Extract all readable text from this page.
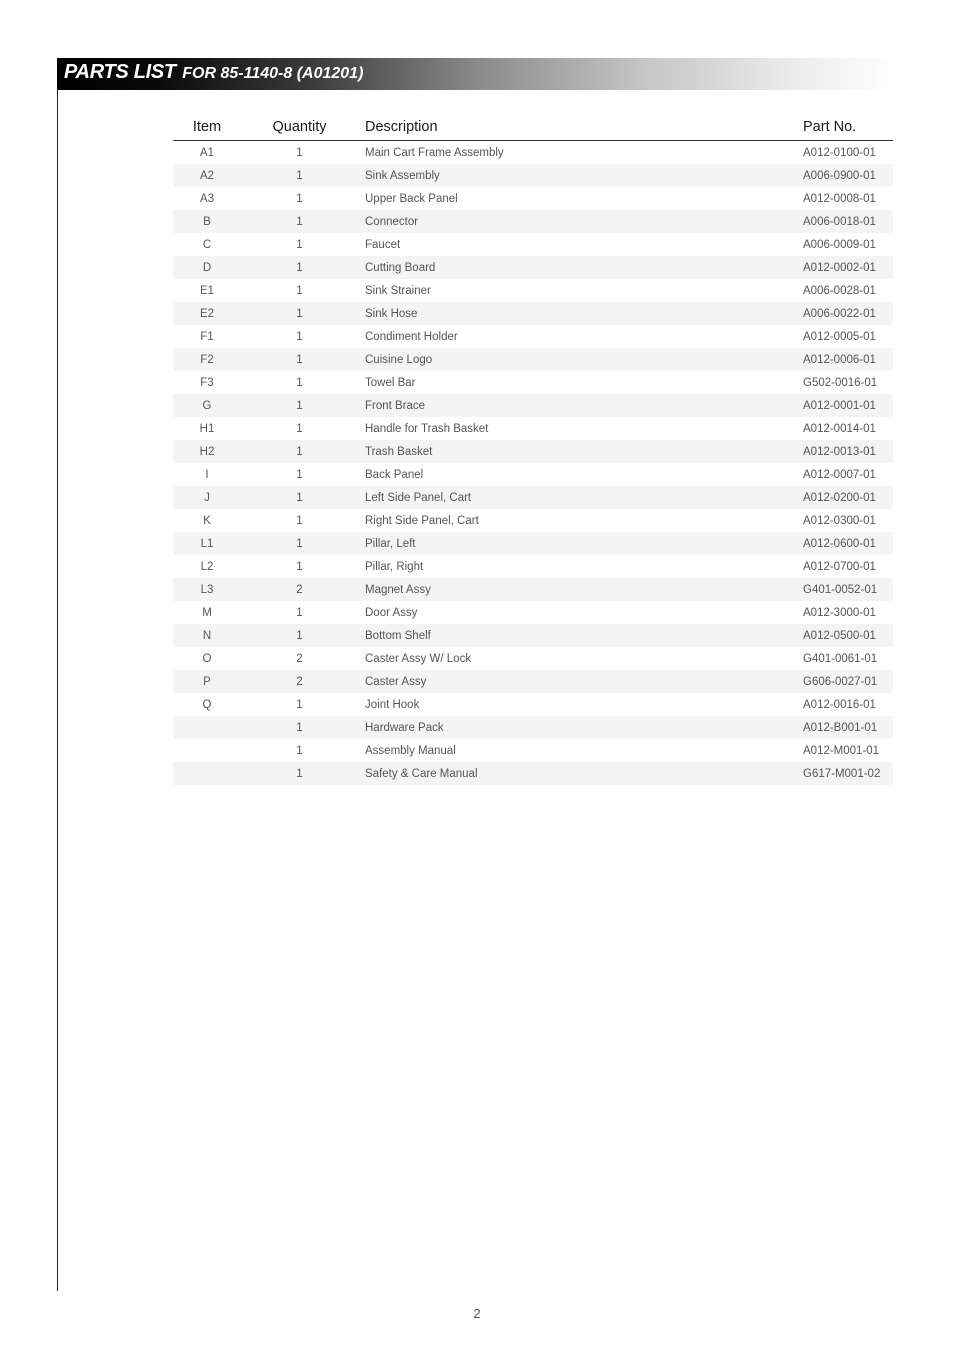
PARTS LIST FOR 85-1140-8 (A01201)
Item	Quantity	Description	Part No.
A1	1	Main Cart Frame Assembly	A012-0100-01
A2	1	Sink Assembly	A006-0900-01
A3	1	Upper Back Panel	A012-0008-01
B	1	Connector	A006-0018-01
C	1	Faucet	A006-0009-01
D	1	Cutting Board	A012-0002-01
E1	1	Sink Strainer	A006-0028-01
E2	1	Sink Hose	A006-0022-01
F1	1	Condiment Holder	A012-0005-01
F2	1	Cuisine Logo	A012-0006-01
F3	1	Towel Bar	G502-0016-01
G	1	Front Brace	A012-0001-01
H1	1	Handle for Trash Basket	A012-0014-01
H2	1	Trash Basket	A012-0013-01
I	1	Back Panel	A012-0007-01
J	1	Left Side Panel, Cart	A012-0200-01
K	1	Right Side Panel, Cart	A012-0300-01
L1	1	Pillar, Left	A012-0600-01
L2	1	Pillar, Right	A012-0700-01
L3	2	Magnet Assy	G401-0052-01
M	1	Door Assy	A012-3000-01
N	1	Bottom Shelf	A012-0500-01
O	2	Caster Assy W/ Lock	G401-0061-01
P	2	Caster Assy	G606-0027-01
Q	1	Joint Hook	A012-0016-01
	1	Hardware Pack	A012-B001-01
	1	Assembly Manual	A012-M001-01
	1	Safety & Care Manual	G617-M001-02
2
